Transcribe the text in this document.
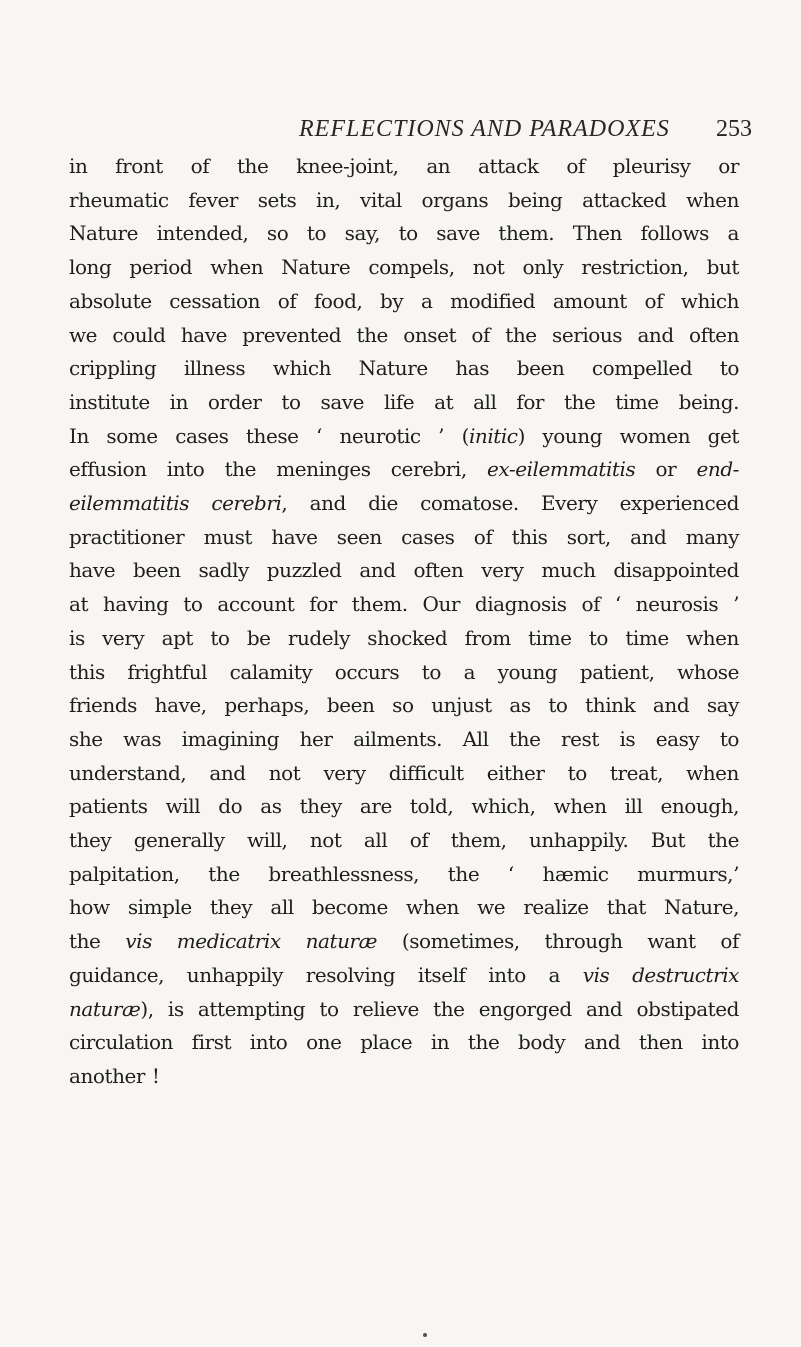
REFLECTIONS AND PARADOXES 253
in front of the knee-joint, an attack of pleurisy or
rheumatic fever sets in, vital organs being attacked when
Nature intended, so to say, to save them. Then follows a
long period when Nature compels, not only restriction, but
absolute cessation of food, by a modified amount of which
we could have prevented the onset of the serious and often
crippling illness which Nature has been compelled to
institute in order to save life at all for the time being.
In some cases these ‘ neurotic ’ (initic) young women get
effusion into the meninges cerebri, ex-eilemmatitis or end-
eilemmatitis cerebri, and die comatose. Every experienced
practitioner must have seen cases of this sort, and many
have been sadly puzzled and often very much disappointed
at having to account for them. Our diagnosis of ‘ neurosis ’
is very apt to be rudely shocked from time to time when
this frightful calamity occurs to a young patient, whose
friends have, perhaps, been so unjust as to think and say
she was imagining her ailments. All the rest is easy to
understand, and not very difficult either to treat, when
patients will do as they are told, which, when ill enough,
they generally will, not all of them, unhappily. But the
palpitation, the breathlessness, the ‘ hæmic murmurs,’
how simple they all become when we realize that Nature,
the vis medicatrix naturæ (sometimes, through want of
guidance, unhappily resolving itself into a vis destructrix
naturæ), is attempting to relieve the engorged and obstipated
circulation first into one place in the body and then into
another !
